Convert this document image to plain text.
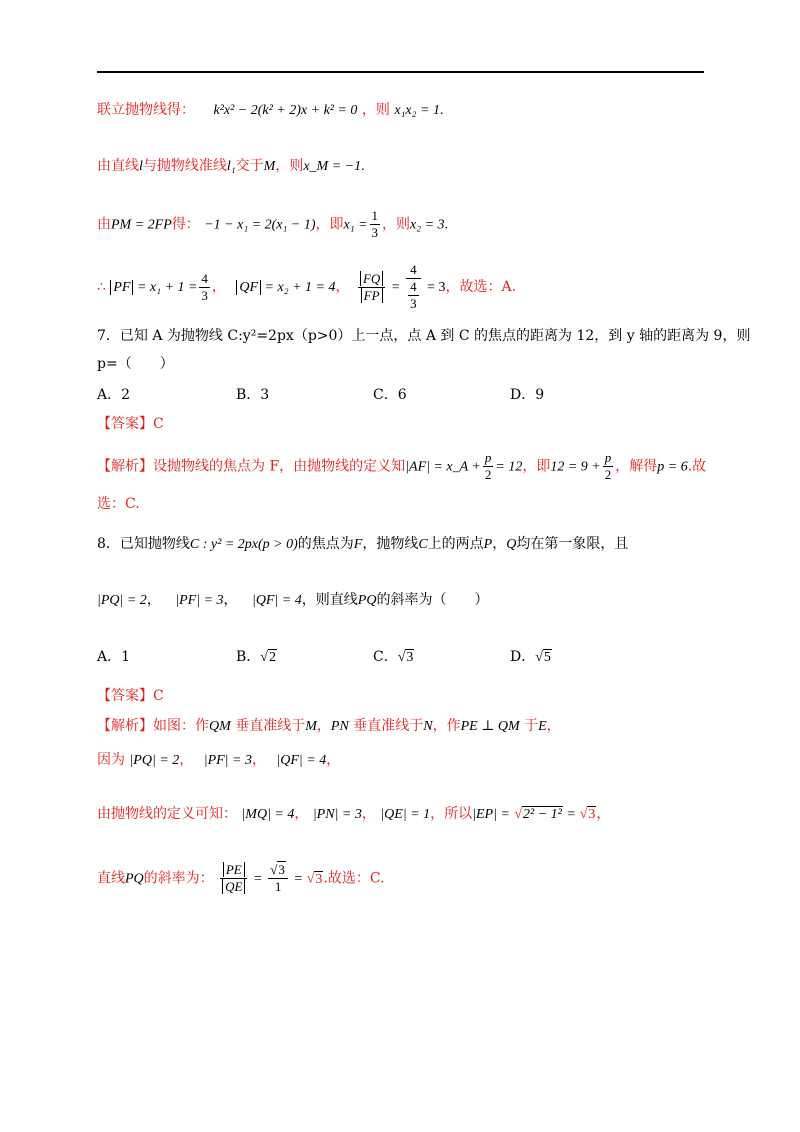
联立抛物线得： k²x² − 2(k² + 2)x + k² = 0 ，则 x₁x₂ = 1.
由直线l与抛物线准线l₁交于M，则x_M = −1.
由PM = 2FP得： −1 − x₁ = 2(x₁ − 1)，即$x_1 = \frac{1}{3}$ ，则x₂ = 3.
∴ PF = $x_1 + 1 = \frac{4}{3}$ ， QF = x₂ + 1 = 4， $\frac{FQ}{FP} = 4$
4
3 = 3，故选：A.
7．已知 A 为抛物线 C:y²=2px（p>0）上一点，点 A 到 C 的焦点的距离为 12，到 y 轴的距离为 9，则
p=（　　）
A．2	B．3	C．6	D．9
【答案】C
【解析】设抛物线的焦点为 F，由抛物线的定义知|AF| = x_A + $\frac{p}{2} = 12$，即$12 = 9 + \frac{p}{2}$ ，解得p = 6.故
选：C.
8．已知抛物线C : y² = 2px(p > 0)的焦点为F，抛物线C上的两点P，Q均在第一象限，且
|PQ| = 2， |PF| = 3， |QF| = 4，则直线PQ的斜率为（　　）
A．1	B．√2	C．√3	D．√5
【答案】C
【解析】如图：作QM 垂直准线于M，PN 垂直准线于N，作PE ⊥ QM 于E，
因为 |PQ| = 2， |PF| = 3， |QF| = 4，
由抛物线的定义可知： |MQ| = 4， |PN| = 3， |QE| = 1，所以|EP| = √2² − 1² = √3，
直线PQ的斜率为： $\frac{PE}{QE} = \frac{√3}{1} = √3$.故选：C.
